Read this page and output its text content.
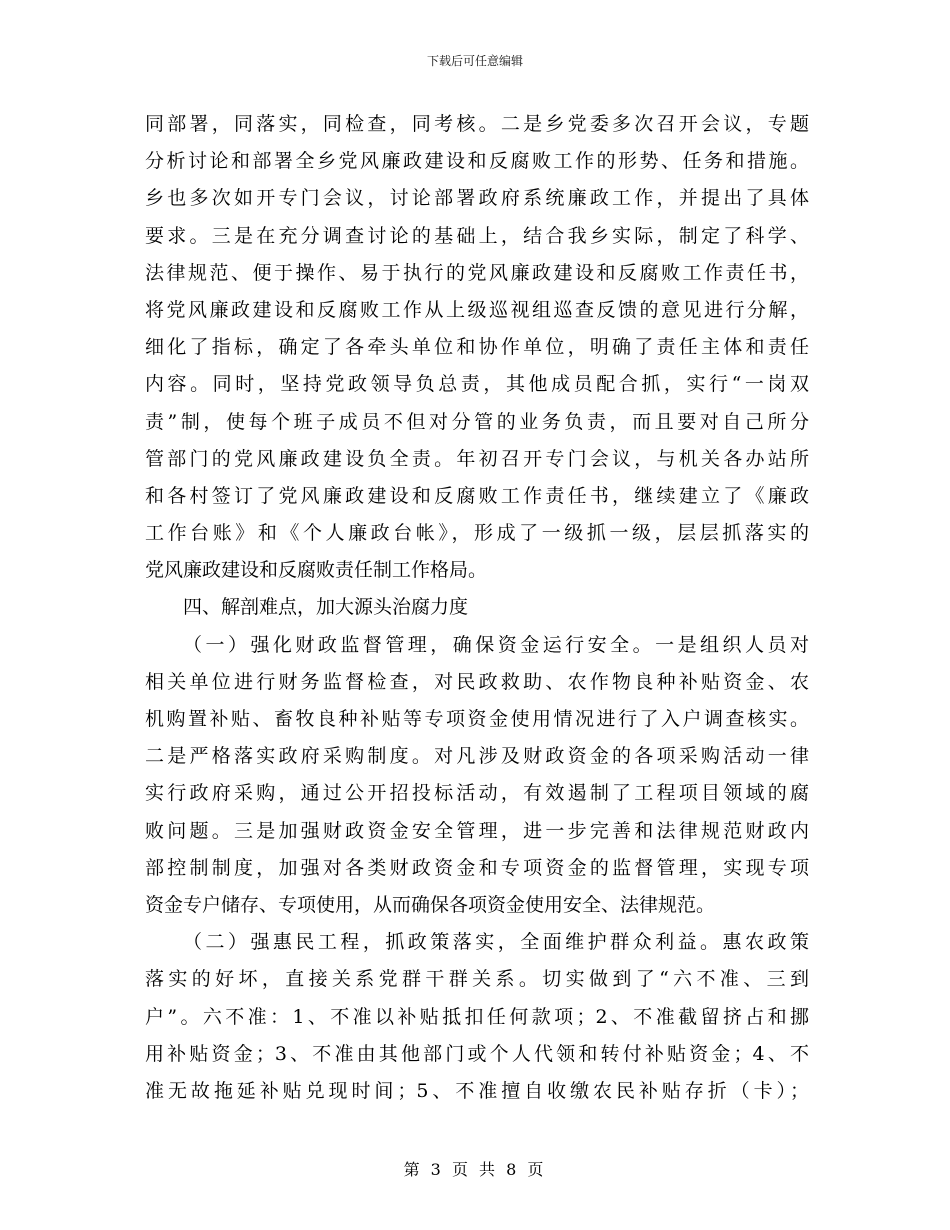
下载后可任意编辑
同部署，同落实，同检查，同考核。二是乡党委多次召开会议，专题
分析讨论和部署全乡党风廉政建设和反腐败工作的形势、任务和措施。
乡也多次如开专门会议，讨论部署政府系统廉政工作，并提出了具体
要求。三是在充分调查讨论的基础上，结合我乡实际，制定了科学、
法律规范、便于操作、易于执行的党风廉政建设和反腐败工作责任书，
将党风廉政建设和反腐败工作从上级巡视组巡查反馈的意见进行分解，
细化了指标，确定了各牵头单位和协作单位，明确了责任主体和责任
内容。同时，坚持党政领导负总责，其他成员配合抓，实行“一岗双
责”制，使每个班子成员不但对分管的业务负责，而且要对自己所分
管部门的党风廉政建设负全责。年初召开专门会议，与机关各办站所
和各村签订了党风廉政建设和反腐败工作责任书，继续建立了《廉政
工作台账》和《个人廉政台帐》，形成了一级抓一级，层层抓落实的
党风廉政建设和反腐败责任制工作格局。
四、解剖难点，加大源头治腐力度
（一）强化财政监督管理，确保资金运行安全。一是组织人员对
相关单位进行财务监督检查，对民政救助、农作物良种补贴资金、农
机购置补贴、畜牧良种补贴等专项资金使用情况进行了入户调查核实。
二是严格落实政府采购制度。对凡涉及财政资金的各项采购活动一律
实行政府采购，通过公开招投标活动，有效遏制了工程项目领域的腐
败问题。三是加强财政资金安全管理，进一步完善和法律规范财政内
部控制制度，加强对各类财政资金和专项资金的监督管理，实现专项
资金专户储存、专项使用，从而确保各项资金使用安全、法律规范。
（二）强惠民工程，抓政策落实，全面维护群众利益。惠农政策
落实的好坏，直接关系党群干群关系。切实做到了“六不准、三到
户”。六不准：1、不准以补贴抵扣任何款项；2、不准截留挤占和挪
用补贴资金；3、不准由其他部门或个人代领和转付补贴资金；4、不
准无故拖延补贴兑现时间；5、不准擅自收缴农民补贴存折（卡）；
第 3 页 共 8 页
